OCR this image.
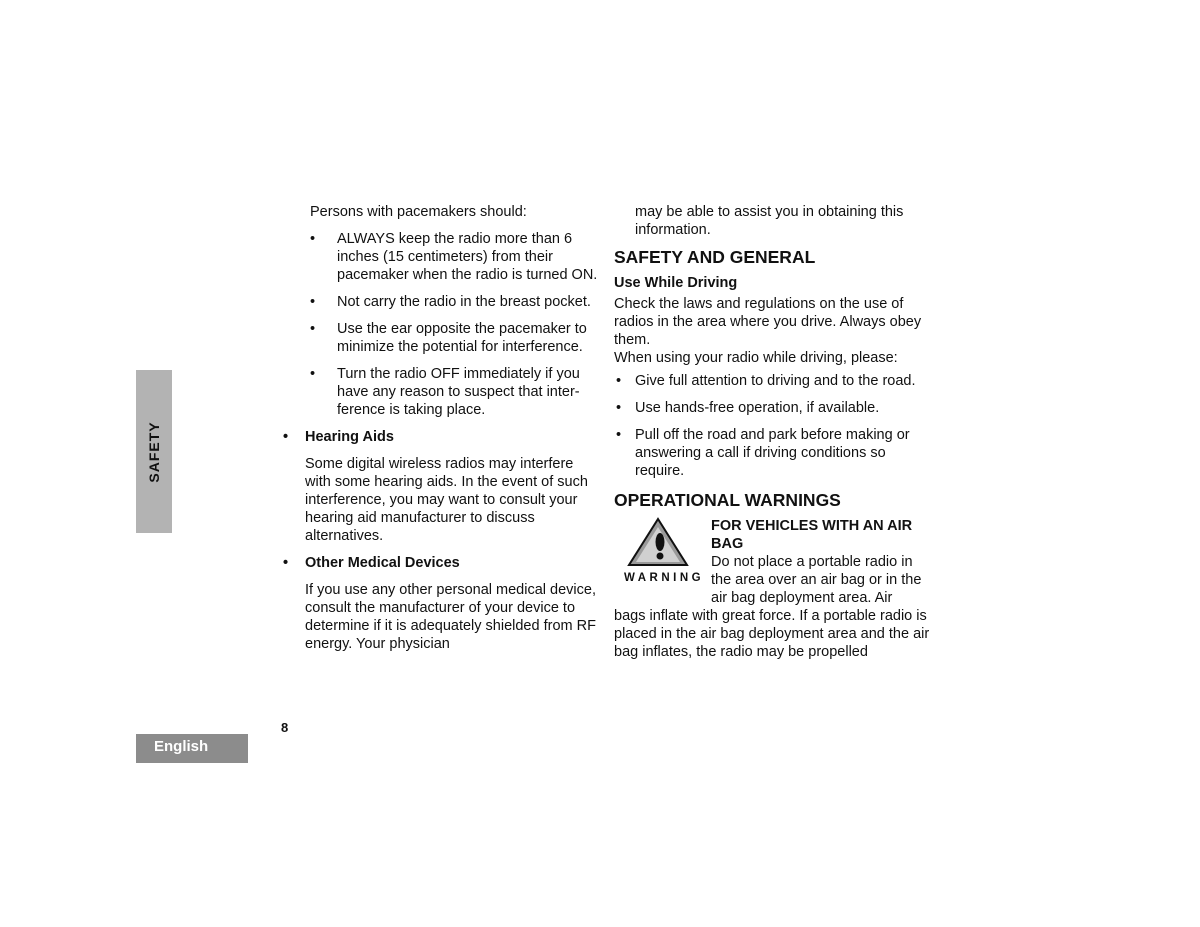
SAFETY
English
8

Persons with pacemakers should:

• ALWAYS keep the radio more than 6 inches (15 centimeters) from their pacemaker when the radio is turned ON.
• Not carry the radio in the breast pocket.
• Use the ear opposite the pacemaker to minimize the potential for interference.
• Turn the radio OFF immediately if you have any reason to suspect that inter-ference is taking place.

• Hearing Aids

Some digital wireless radios may interfere with some hearing aids. In the event of such interference, you may want to consult your hearing aid manufacturer to discuss alternatives.

• Other Medical Devices

If you use any other personal medical device, consult the manufacturer of your device to determine if it is adequately shielded from RF energy. Your physician

may be able to assist you in obtaining this information.

SAFETY AND GENERAL

Use While Driving

Check the laws and regulations on the use of radios in the area where you drive. Always obey them.

When using your radio while driving, please:

• Give full attention to driving and to the road.
• Use hands-free operation, if available.
• Pull off the road and park before making or answering a call if driving conditions so require.

OPERATIONAL WARNINGS

WARNING

FOR VEHICLES WITH AN AIR BAG

Do not place a portable radio in the area over an air bag or in the air bag deployment area. Air

bags inflate with great force. If a portable radio is placed in the air bag deployment area and the air bag inflates, the radio may be propelled
